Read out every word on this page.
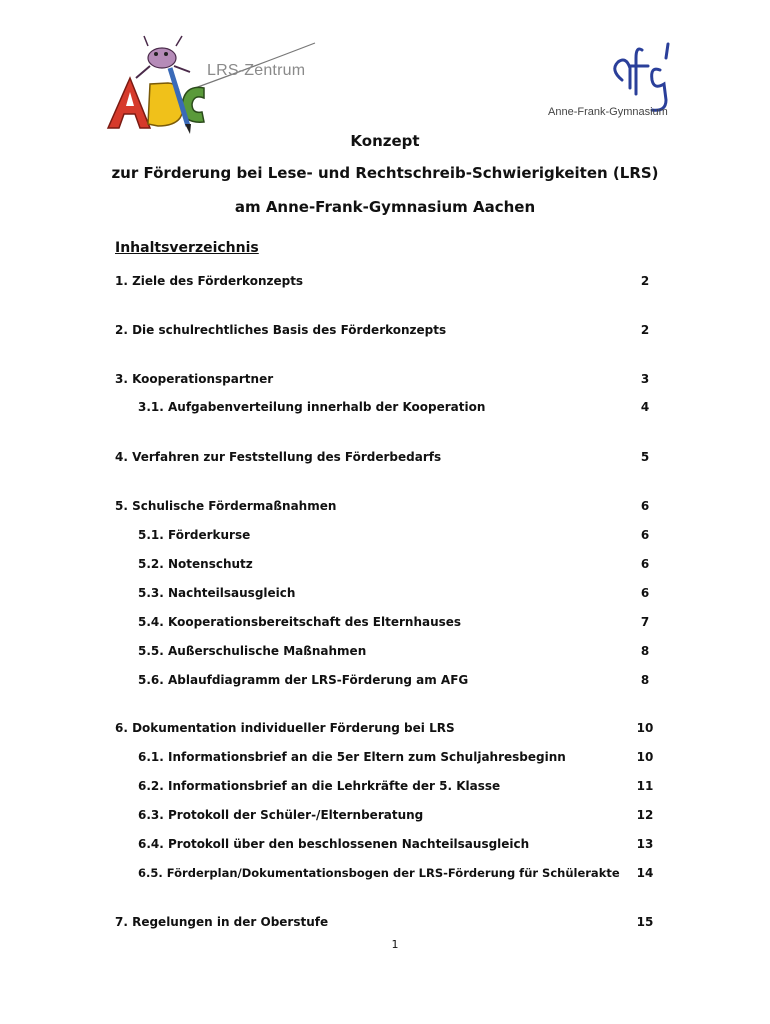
LRS-Zentrum
Anne-Frank-Gymnasium
Konzept
zur Förderung bei Lese- und Rechtschreib-Schwierigkeiten (LRS)
am Anne-Frank-Gymnasium Aachen
Inhaltsverzeichnis
1. Ziele des Förderkonzepts	2
2. Die schulrechtliches Basis des Förderkonzepts	2
3. Kooperationspartner	3
3.1. Aufgabenverteilung innerhalb der Kooperation	4
4. Verfahren zur Feststellung des Förderbedarfs	5
5. Schulische Fördermaßnahmen	6
5.1. Förderkurse	6
5.2. Notenschutz	6
5.3. Nachteilsausgleich	6
5.4. Kooperationsbereitschaft des Elternhauses	7
5.5. Außerschulische Maßnahmen	8
5.6. Ablaufdiagramm der LRS-Förderung am AFG	8
6. Dokumentation individueller Förderung bei LRS	10
6.1. Informationsbrief an die 5er Eltern zum Schuljahresbeginn	10
6.2. Informationsbrief an die Lehrkräfte der 5. Klasse	11
6.3. Protokoll der Schüler-/Elternberatung	12
6.4. Protokoll über den beschlossenen Nachteilsausgleich	13
6.5. Förderplan/Dokumentationsbogen der LRS-Förderung für Schülerakte	14
7. Regelungen in der Oberstufe	15
1
